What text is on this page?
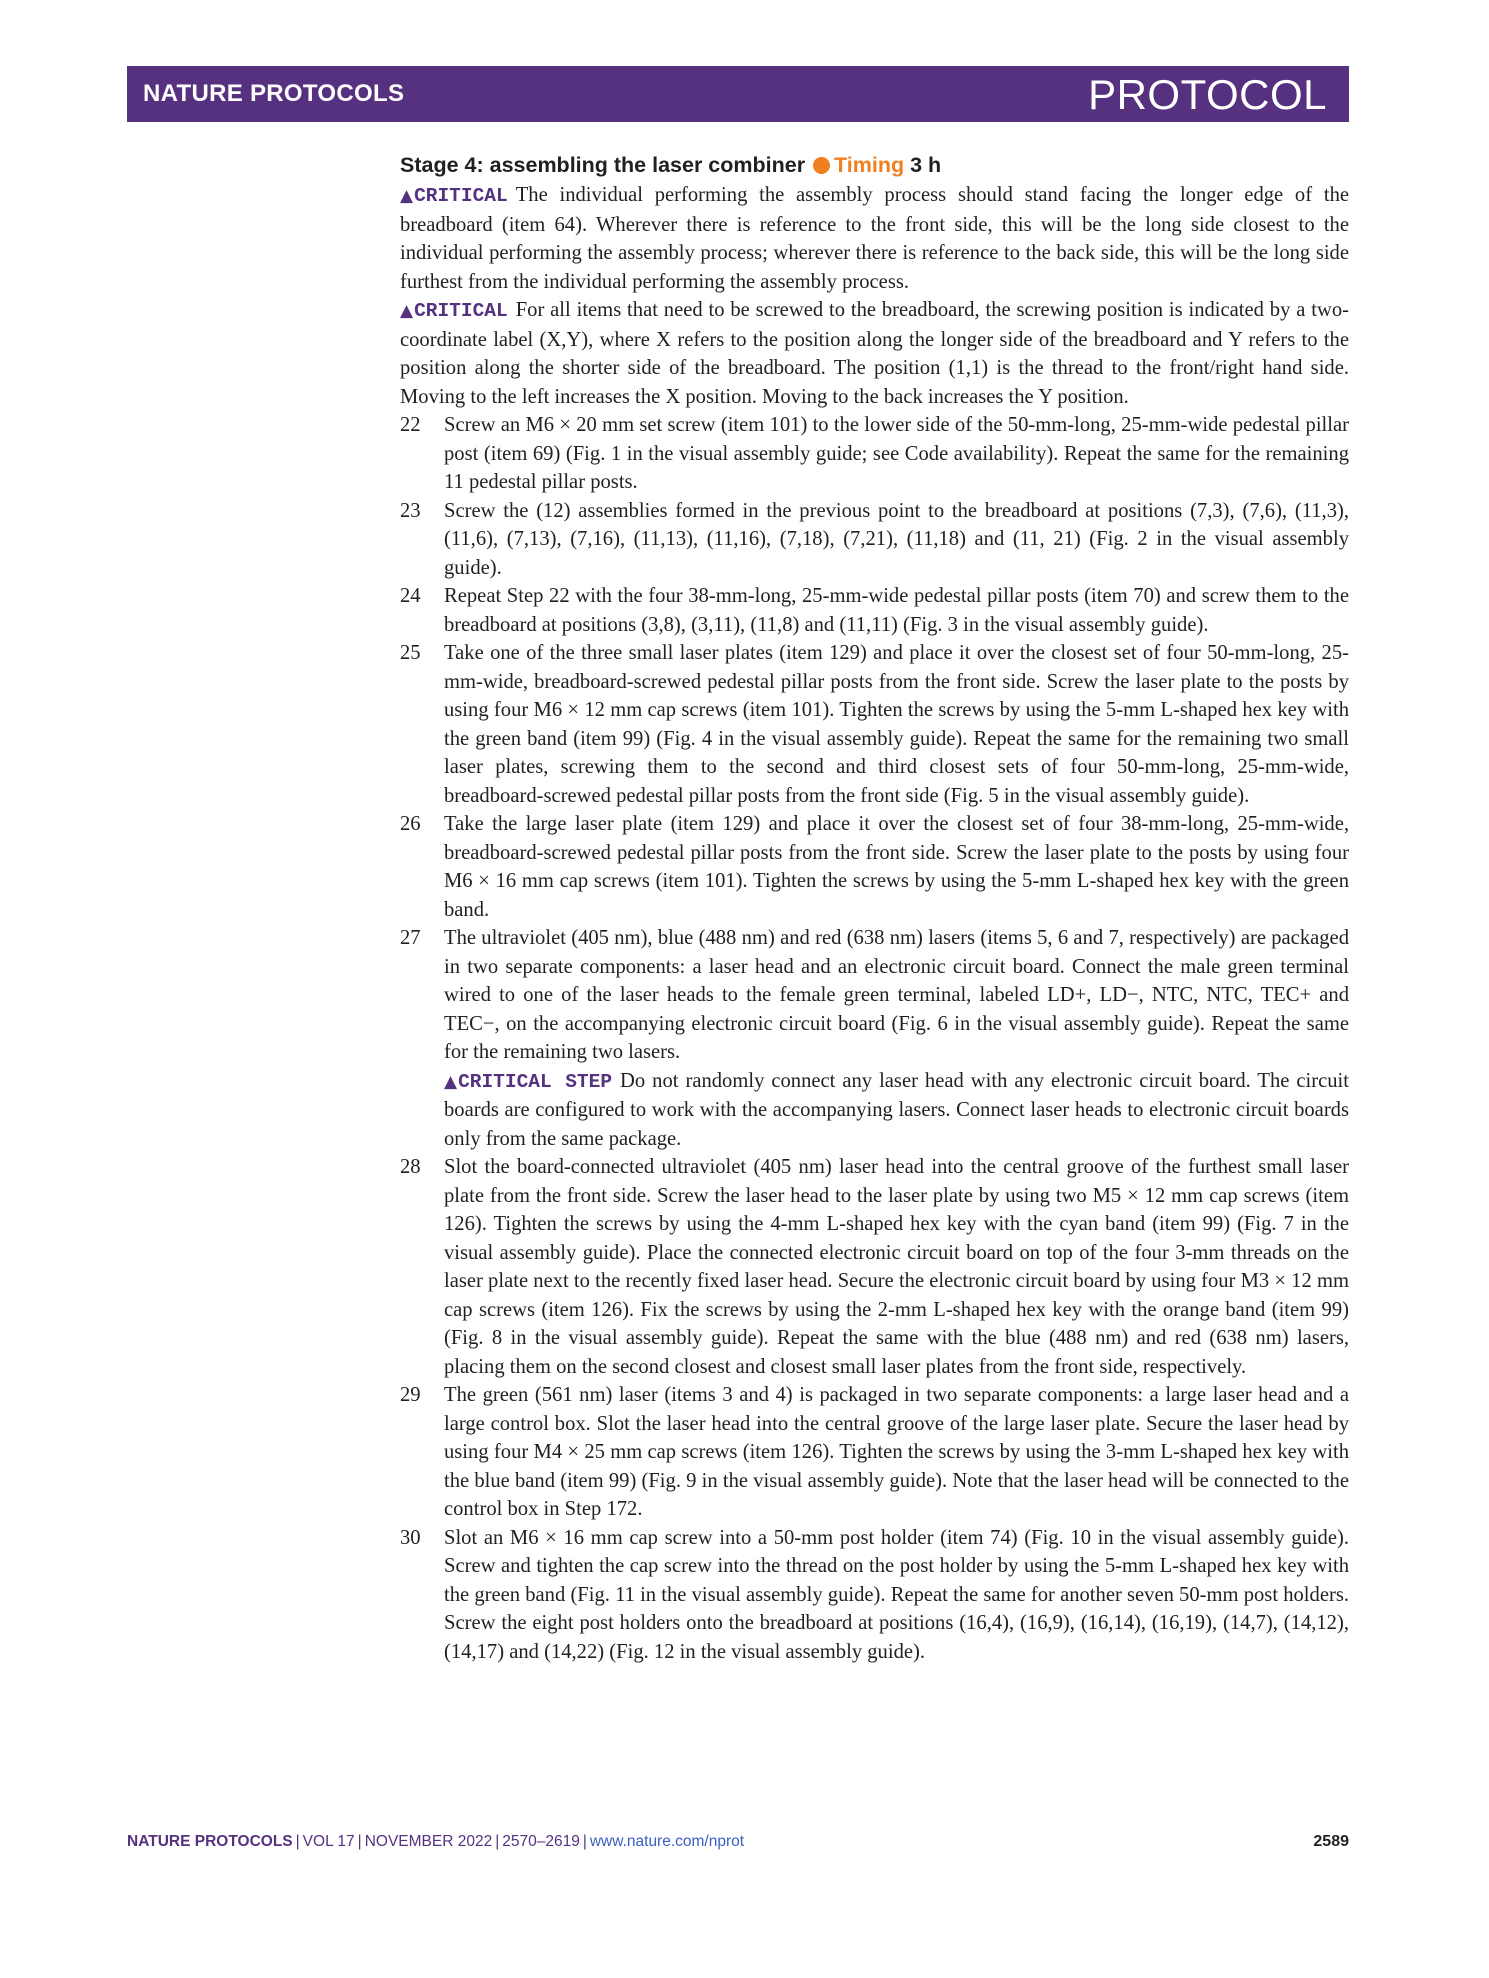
NATURE PROTOCOLS	PROTOCOL
Stage 4: assembling the laser combiner Timing 3 h

▲CRITICAL The individual performing the assembly process should stand facing the longer edge of the breadboard (item 64). Wherever there is reference to the front side, this will be the long side closest to the individual performing the assembly process; wherever there is reference to the back side, this will be the long side furthest from the individual performing the assembly process.

▲CRITICAL For all items that need to be screwed to the breadboard, the screwing position is indicated by a two-coordinate label (X,Y), where X refers to the position along the longer side of the breadboard and Y refers to the position along the shorter side of the breadboard. The position (1,1) is the thread to the front/right hand side. Moving to the left increases the X position. Moving to the back increases the Y position.

22	Screw an M6 × 20 mm set screw (item 101) to the lower side of the 50-mm-long, 25-mm-wide pedestal pillar post (item 69) (Fig. 1 in the visual assembly guide; see Code availability). Repeat the same for the remaining 11 pedestal pillar posts.

23	Screw the (12) assemblies formed in the previous point to the breadboard at positions (7,3), (7,6), (11,3), (11,6), (7,13), (7,16), (11,13), (11,16), (7,18), (7,21), (11,18) and (11, 21) (Fig. 2 in the visual assembly guide).

24	Repeat Step 22 with the four 38-mm-long, 25-mm-wide pedestal pillar posts (item 70) and screw them to the breadboard at positions (3,8), (3,11), (11,8) and (11,11) (Fig. 3 in the visual assembly guide).

25	Take one of the three small laser plates (item 129) and place it over the closest set of four 50-mm-long, 25-mm-wide, breadboard-screwed pedestal pillar posts from the front side. Screw the laser plate to the posts by using four M6 × 12 mm cap screws (item 101). Tighten the screws by using the 5-mm L-shaped hex key with the green band (item 99) (Fig. 4 in the visual assembly guide). Repeat the same for the remaining two small laser plates, screwing them to the second and third closest sets of four 50-mm-long, 25-mm-wide, breadboard-screwed pedestal pillar posts from the front side (Fig. 5 in the visual assembly guide).

26	Take the large laser plate (item 129) and place it over the closest set of four 38-mm-long, 25-mm-wide, breadboard-screwed pedestal pillar posts from the front side. Screw the laser plate to the posts by using four M6 × 16 mm cap screws (item 101). Tighten the screws by using the 5-mm L-shaped hex key with the green band.

27	The ultraviolet (405 nm), blue (488 nm) and red (638 nm) lasers (items 5, 6 and 7, respectively) are packaged in two separate components: a laser head and an electronic circuit board. Connect the male green terminal wired to one of the laser heads to the female green terminal, labeled LD+, LD−, NTC, NTC, TEC+ and TEC−, on the accompanying electronic circuit board (Fig. 6 in the visual assembly guide). Repeat the same for the remaining two lasers.

▲CRITICAL STEP Do not randomly connect any laser head with any electronic circuit board. The circuit boards are configured to work with the accompanying lasers. Connect laser heads to electronic circuit boards only from the same package.

28	Slot the board-connected ultraviolet (405 nm) laser head into the central groove of the furthest small laser plate from the front side. Screw the laser head to the laser plate by using two M5 × 12 mm cap screws (item 126). Tighten the screws by using the 4-mm L-shaped hex key with the cyan band (item 99) (Fig. 7 in the visual assembly guide). Place the connected electronic circuit board on top of the four 3-mm threads on the laser plate next to the recently fixed laser head. Secure the electronic circuit board by using four M3 × 12 mm cap screws (item 126). Fix the screws by using the 2-mm L-shaped hex key with the orange band (item 99) (Fig. 8 in the visual assembly guide). Repeat the same with the blue (488 nm) and red (638 nm) lasers, placing them on the second closest and closest small laser plates from the front side, respectively.

29	The green (561 nm) laser (items 3 and 4) is packaged in two separate components: a large laser head and a large control box. Slot the laser head into the central groove of the large laser plate. Secure the laser head by using four M4 × 25 mm cap screws (item 126). Tighten the screws by using the 3-mm L-shaped hex key with the blue band (item 99) (Fig. 9 in the visual assembly guide). Note that the laser head will be connected to the control box in Step 172.

30	Slot an M6 × 16 mm cap screw into a 50-mm post holder (item 74) (Fig. 10 in the visual assembly guide). Screw and tighten the cap screw into the thread on the post holder by using the 5-mm L-shaped hex key with the green band (Fig. 11 in the visual assembly guide). Repeat the same for another seven 50-mm post holders. Screw the eight post holders onto the breadboard at positions (16,4), (16,9), (16,14), (16,19), (14,7), (14,12), (14,17) and (14,22) (Fig. 12 in the visual assembly guide).

NATURE PROTOCOLS | VOL 17 | NOVEMBER 2022 | 2570–2619 | www.nature.com/nprot	2589
